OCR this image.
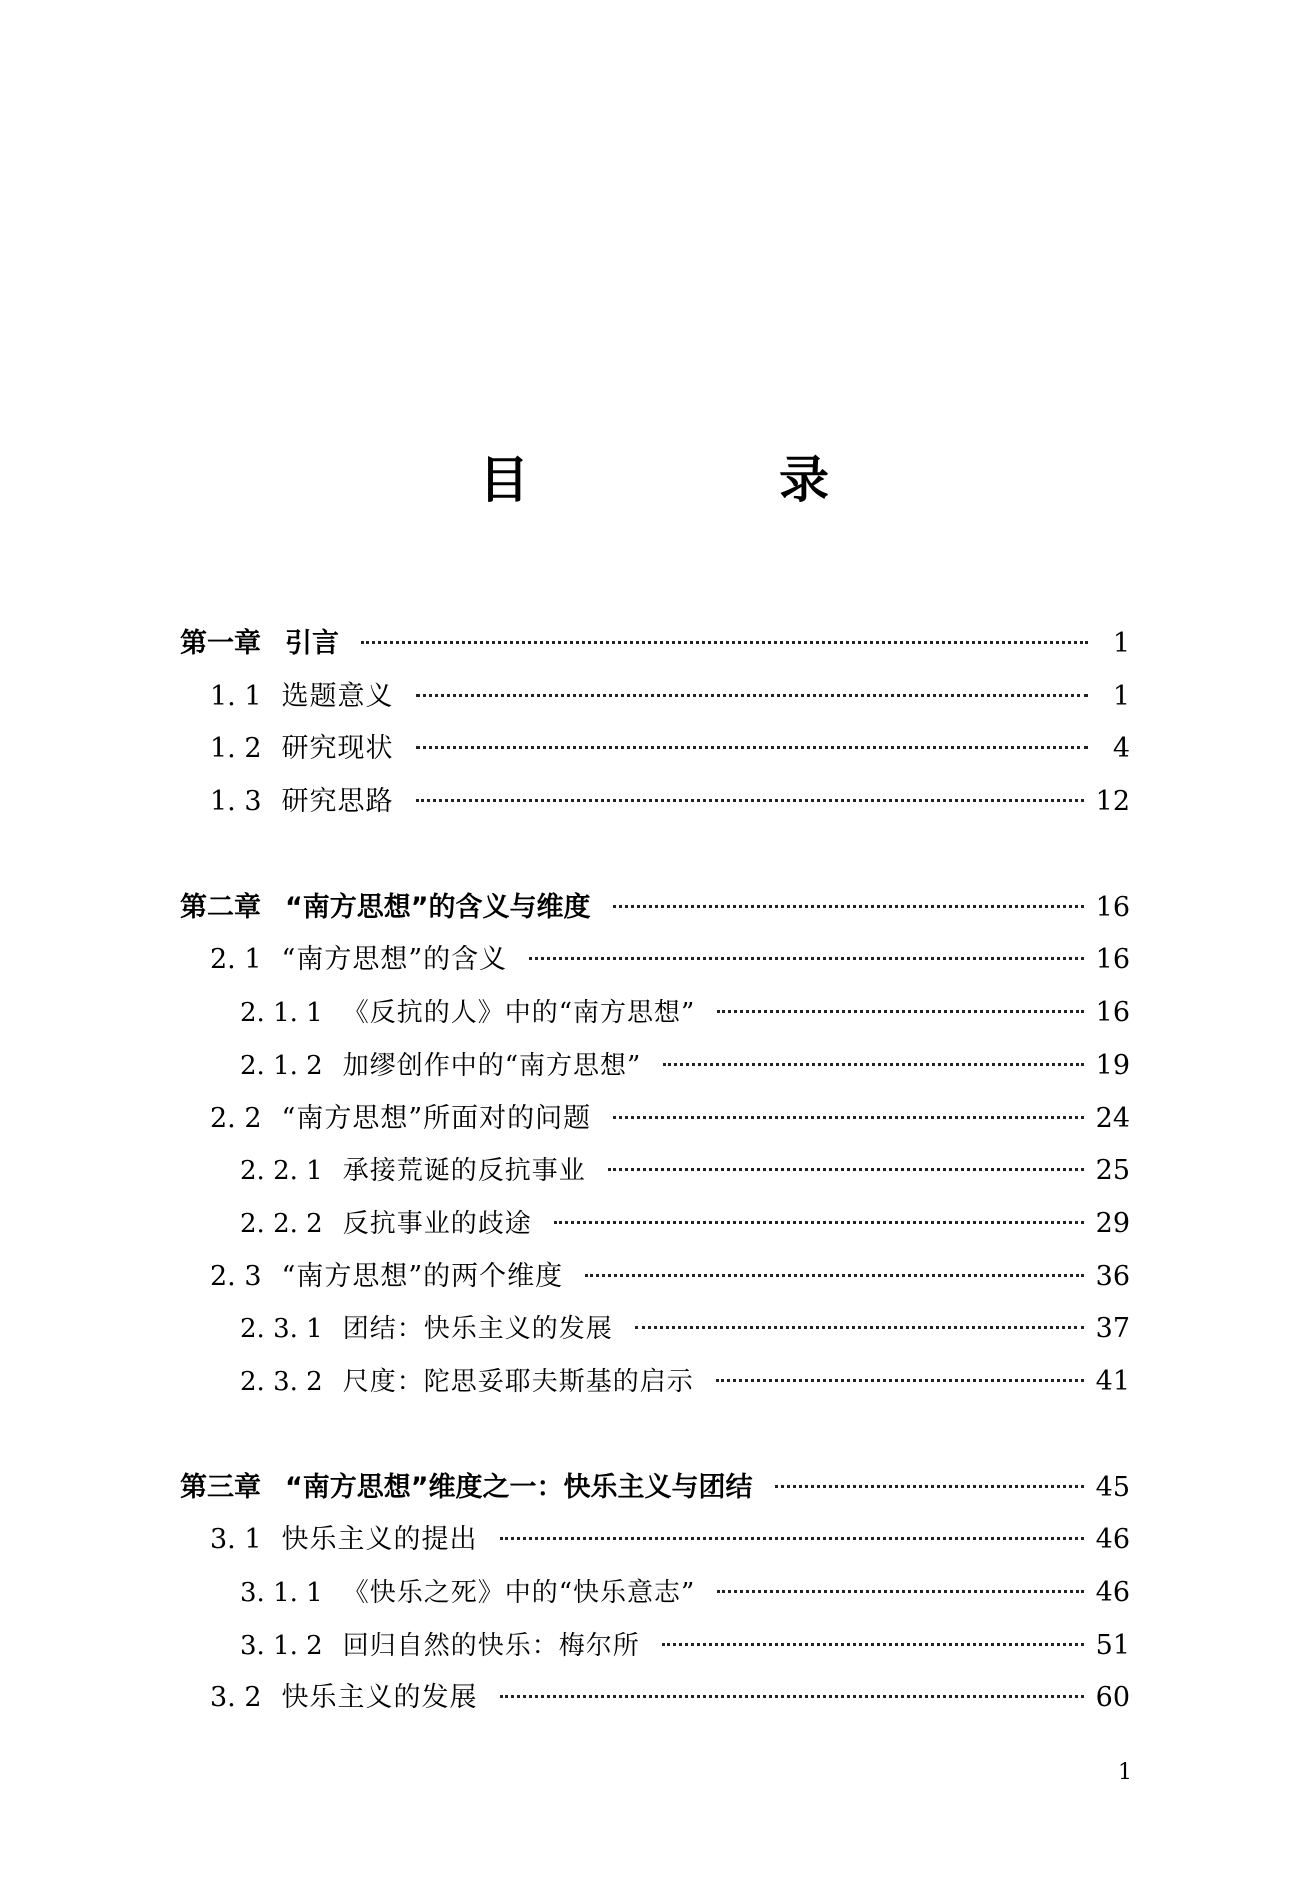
目　录
第一章 引言	1
1. 1 选题意义	1
1. 2 研究现状	4
1. 3 研究思路	12
第二章 “南方思想”的含义与维度	16
2. 1 “南方思想”的含义	16
2. 1. 1 《反抗的人》中的“南方思想”	16
2. 1. 2 加缪创作中的“南方思想”	19
2. 2 “南方思想”所面对的问题	24
2. 2. 1 承接荒诞的反抗事业	25
2. 2. 2 反抗事业的歧途	29
2. 3 “南方思想”的两个维度	36
2. 3. 1 团结：快乐主义的发展	37
2. 3. 2 尺度：陀思妥耶夫斯基的启示	41
第三章 “南方思想”维度之一：快乐主义与团结	45
3. 1 快乐主义的提出	46
3. 1. 1 《快乐之死》中的“快乐意志”	46
3. 1. 2 回归自然的快乐：梅尔所	51
3. 2 快乐主义的发展	60
1
